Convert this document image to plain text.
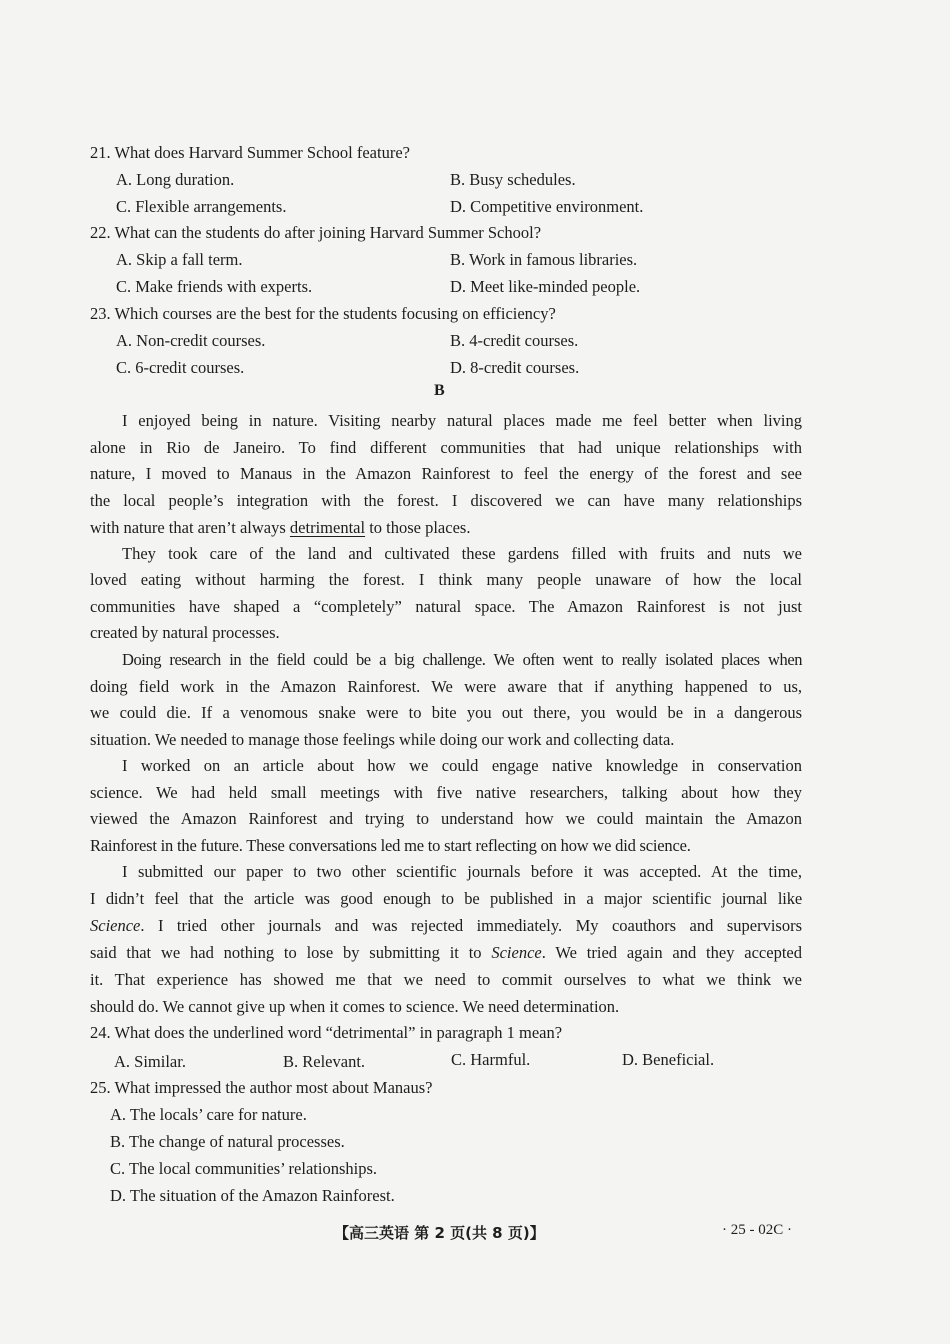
21. What does Harvard Summer School feature?
A. Long duration.	B. Busy schedules.
C. Flexible arrangements.	D. Competitive environment.
22. What can the students do after joining Harvard Summer School?
A. Skip a fall term.	B. Work in famous libraries.
C. Make friends with experts.	D. Meet like-minded people.
23. Which courses are the best for the students focusing on efficiency?
A. Non-credit courses.	B. 4-credit courses.
C. 6-credit courses.	D. 8-credit courses.
B
I enjoyed being in nature. Visiting nearby natural places made me feel better when living
alone in Rio de Janeiro. To find different communities that had unique relationships with
nature, I moved to Manaus in the Amazon Rainforest to feel the energy of the forest and see
the local people’s integration with the forest. I discovered we can have many relationships
with nature that aren’t always detrimental to those places.
They took care of the land and cultivated these gardens filled with fruits and nuts we
loved eating without harming the forest. I think many people unaware of how the local
communities have shaped a “completely” natural space. The Amazon Rainforest is not just
created by natural processes.
Doing research in the field could be a big challenge. We often went to really isolated places when
doing field work in the Amazon Rainforest. We were aware that if anything happened to us,
we could die. If a venomous snake were to bite you out there, you would be in a dangerous
situation. We needed to manage those feelings while doing our work and collecting data.
I worked on an article about how we could engage native knowledge in conservation
science. We had held small meetings with five native researchers, talking about how they
viewed the Amazon Rainforest and trying to understand how we could maintain the Amazon
Rainforest in the future. These conversations led me to start reflecting on how we did science.
I submitted our paper to two other scientific journals before it was accepted. At the time,
I didn’t feel that the article was good enough to be published in a major scientific journal like
Science. I tried other journals and was rejected immediately. My coauthors and supervisors
said that we had nothing to lose by submitting it to Science. We tried again and they accepted
it. That experience has showed me that we need to commit ourselves to what we think we
should do. We cannot give up when it comes to science. We need determination.
24. What does the underlined word “detrimental” in paragraph 1 mean?
A. Similar.	B. Relevant.	C. Harmful.	D. Beneficial.
25. What impressed the author most about Manaus?
A. The locals’ care for nature.
B. The change of natural processes.
C. The local communities’ relationships.
D. The situation of the Amazon Rainforest.
【高三英语 第 2 页(共 8 页)】	· 25 - 02C ·
